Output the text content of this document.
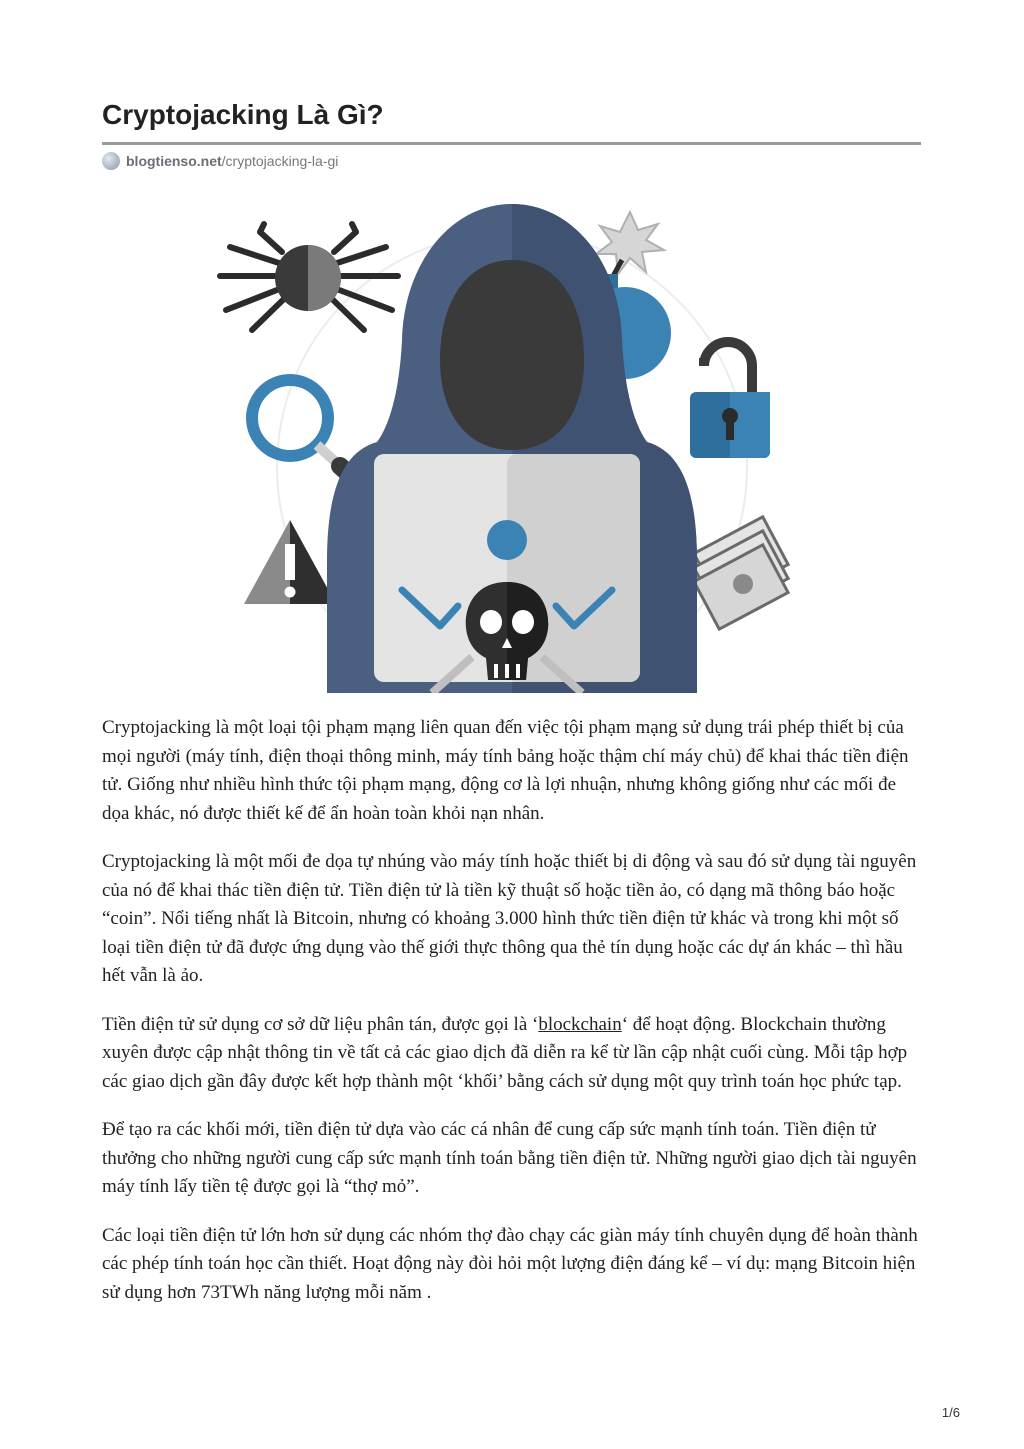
Cryptojacking Là Gì?
blogtienso.net /cryptojacking-la-gi

Cryptojacking là một loại tội phạm mạng liên quan đến việc tội phạm mạng sử dụng trái phép thiết bị của mọi người (máy tính, điện thoại thông minh, máy tính bảng hoặc thậm chí máy chủ) để khai thác tiền điện tử. Giống như nhiều hình thức tội phạm mạng, động cơ là lợi nhuận, nhưng không giống như các mối đe dọa khác, nó được thiết kế để ẩn hoàn toàn khỏi nạn nhân.

Cryptojacking là một mối đe dọa tự nhúng vào máy tính hoặc thiết bị di động và sau đó sử dụng tài nguyên của nó để khai thác tiền điện tử. Tiền điện tử là tiền kỹ thuật số hoặc tiền ảo, có dạng mã thông báo hoặc “coin”. Nổi tiếng nhất là Bitcoin, nhưng có khoảng 3.000 hình thức tiền điện tử khác và trong khi một số loại tiền điện tử đã được ứng dụng vào thế giới thực thông qua thẻ tín dụng hoặc các dự án khác – thì hầu hết vẫn là ảo.

Tiền điện tử sử dụng cơ sở dữ liệu phân tán, được gọi là ‘blockchain‘ để hoạt động. Blockchain thường xuyên được cập nhật thông tin về tất cả các giao dịch đã diễn ra kể từ lần cập nhật cuối cùng. Mỗi tập hợp các giao dịch gần đây được kết hợp thành một ‘khối’ bằng cách sử dụng một quy trình toán học phức tạp.

Để tạo ra các khối mới, tiền điện tử dựa vào các cá nhân để cung cấp sức mạnh tính toán. Tiền điện tử thưởng cho những người cung cấp sức mạnh tính toán bằng tiền điện tử. Những người giao dịch tài nguyên máy tính lấy tiền tệ được gọi là “thợ mỏ”.

Các loại tiền điện tử lớn hơn sử dụng các nhóm thợ đào chạy các giàn máy tính chuyên dụng để hoàn thành các phép tính toán học cần thiết. Hoạt động này đòi hỏi một lượng điện đáng kể – ví dụ: mạng Bitcoin hiện sử dụng hơn 73TWh năng lượng mỗi năm .

1/6
